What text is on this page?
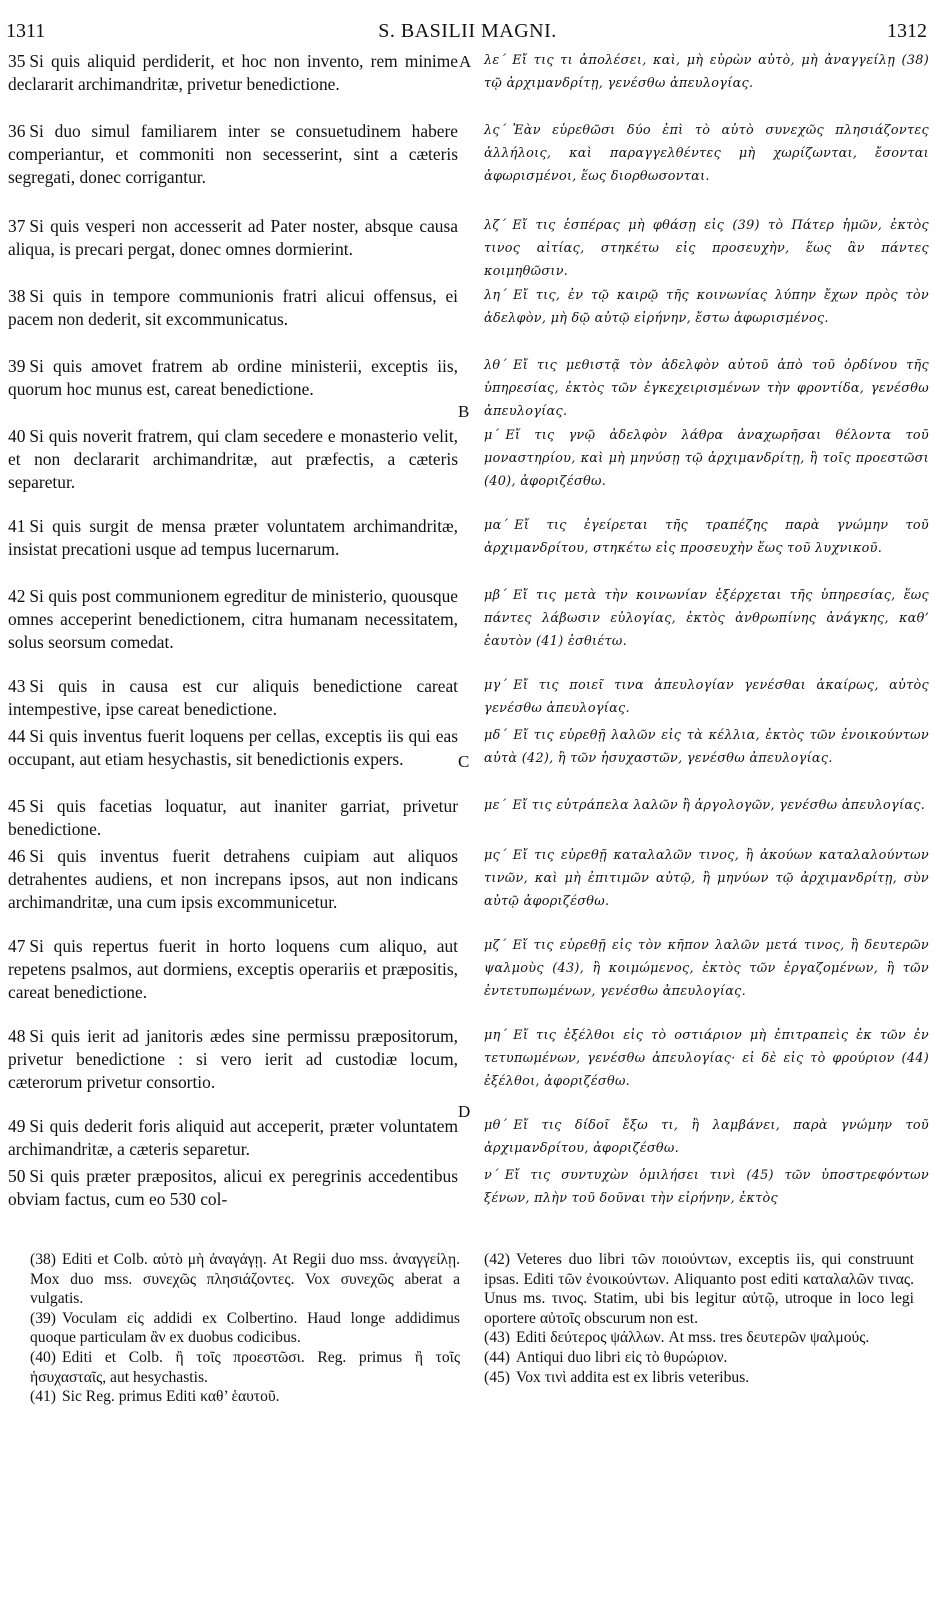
1311	S. BASILII MAGNI.	1312
A
B
C
D

35 Si quis aliquid perdiderit, et hoc non invento, rem minime declararit archimandritæ, privetur benedictione.

36 Si duo simul familiarem inter se consuetudinem habere comperiantur, et commoniti non secesserint, sint a cæteris segregati, donec corrigantur.

37 Si quis vesperi non accesserit ad Pater noster, absque causa aliqua, is precari pergat, donec omnes dormierint.

38 Si quis in tempore communionis fratri alicui offensus, ei pacem non dederit, sit excommunicatus.

39 Si quis amovet fratrem ab ordine ministerii, exceptis iis, quorum hoc munus est, careat benedictione.

40 Si quis noverit fratrem, qui clam secedere e monasterio velit, et non declararit archimandritæ, aut præfectis, a cæteris separetur.

41 Si quis surgit de mensa præter voluntatem archimandritæ, insistat precationi usque ad tempus lucernarum.

42 Si quis post communionem egreditur de ministerio, quousque omnes acceperint benedictionem, citra humanam necessitatem, solus seorsum comedat.

43 Si quis in causa est cur aliquis benedictione careat intempestive, ipse careat benedictione.

44 Si quis inventus fuerit loquens per cellas, exceptis iis qui eas occupant, aut etiam hesychastis, sit benedictionis expers.

45 Si quis facetias loquatur, aut inaniter garriat, privetur benedictione.

46 Si quis inventus fuerit detrahens cuipiam aut aliquos detrahentes audiens, et non increpans ipsos, aut non indicans archimandritæ, una cum ipsis excommunicetur.

47 Si quis repertus fuerit in horto loquens cum aliquo, aut repetens psalmos, aut dormiens, exceptis operariis et præpositis, careat benedictione.

48 Si quis ierit ad janitoris ædes sine permissu præpositorum, privetur benedictione : si vero ierit ad custodiæ locum, cæterorum privetur consortio.

49 Si quis dederit foris aliquid aut acceperit, præter voluntatem archimandritæ, a cæteris separetur.

50 Si quis præter præpositos, alicui ex peregrinis accedentibus obviam factus, cum eo 530 col-

λε΄ Εἴ τις τι ἀπολέσει, καὶ, μὴ εὑρὼν αὐτὸ, μὴ ἀναγγείλῃ (38) τῷ ἀρχιμανδρίτῃ, γενέσθω ἀπευλογίας.

λς΄ Ἐὰν εὑρεθῶσι δύο ἐπὶ τὸ αὐτὸ συνεχῶς πλησιάζοντες ἀλλήλοις, καὶ παραγγελθέντες μὴ χωρίζωνται, ἔσονται ἀφωρισμένοι, ἕως διορθωσονται.

λζ΄ Εἴ τις ἑσπέρας μὴ φθάσῃ εἰς (39) τὸ Πάτερ ἡμῶν, ἐκτὸς τινος αἰτίας, στηκέτω εἰς προσευχὴν, ἕως ἂν πάντες κοιμηθῶσιν.

λη΄ Εἴ τις, ἐν τῷ καιρῷ τῆς κοινωνίας λύπην ἔχων πρὸς τὸν ἀδελφὸν, μὴ δῷ αὐτῷ εἰρήνην, ἔστω ἀφωρισμένος.

λθ΄ Εἴ τις μεθιστᾷ τὸν ἀδελφὸν αὐτοῦ ἀπὸ τοῦ ὀρδίνου τῆς ὑπηρεσίας, ἐκτὸς τῶν ἐγκεχειρισμένων τὴν φροντίδα, γενέσθω ἀπευλογίας.

μ΄ Εἴ τις γνῷ ἀδελφὸν λάθρα ἀναχωρῆσαι θέλοντα τοῦ μοναστηρίου, καὶ μὴ μηνύσῃ τῷ ἀρχιμανδρίτῃ, ἢ τοῖς προεστῶσι (40), ἀφοριζέσθω.

μα΄ Εἴ τις ἐγείρεται τῆς τραπέζης παρὰ γνώμην τοῦ ἀρχιμανδρίτου, στηκέτω εἰς προσευχὴν ἕως τοῦ λυχνικοῦ.

μβ΄ Εἴ τις μετὰ τὴν κοινωνίαν ἐξέρχεται τῆς ὑπηρεσίας, ἕως πάντες λάβωσιν εὐλογίας, ἐκτὸς ἀνθρωπίνης ἀνάγκης, καθ’ ἑαυτὸν (41) ἐσθιέτω.

μγ΄ Εἴ τις ποιεῖ τινα ἀπευλογίαν γενέσθαι ἀκαίρως, αὐτὸς γενέσθω ἀπευλογίας.

μδ΄ Εἴ τις εὑρεθῇ λαλῶν εἰς τὰ κέλλια, ἐκτὸς τῶν ἐνοικούντων αὐτὰ (42), ἢ τῶν ἡσυχαστῶν, γενέσθω ἀπευλογίας.

με΄ Εἴ τις εὐτράπελα λαλῶν ἢ ἀργολογῶν, γενέσθω ἀπευλογίας.

μς΄ Εἴ τις εὑρεθῇ καταλαλῶν τινος, ἢ ἀκούων καταλαλούντων τινῶν, καὶ μὴ ἐπιτιμῶν αὐτῷ, ἢ μηνύων τῷ ἀρχιμανδρίτῃ, σὺν αὐτῷ ἀφοριζέσθω.

μζ΄ Εἴ τις εὑρεθῇ εἰς τὸν κῆπον λαλῶν μετά τινος, ἢ δευτερῶν ψαλμοὺς (43), ἢ κοιμώμενος, ἐκτὸς τῶν ἐργαζομένων, ἢ τῶν ἐντετυπωμένων, γενέσθω ἀπευλογίας.

μη΄ Εἴ τις ἐξέλθοι εἰς τὸ οστιάριον μὴ ἐπιτραπεὶς ἐκ τῶν ἐν τετυπωμένων, γενέσθω ἀπευλογίας· εἰ δὲ εἰς τὸ φρούριον (44) ἐξέλθοι, ἀφοριζέσθω.

μθ΄ Εἴ τις δίδοῖ ἔξω τι, ἢ λαμβάνει, παρὰ γνώμην τοῦ ἀρχιμανδρίτου, ἀφοριζέσθω.

ν΄ Εἴ τις συντυχὼν ὁμιλήσει τινὶ (45) τῶν ὑποστρεφόντων ξένων, πλὴν τοῦ δοῦναι τὴν εἰρήνην, ἐκτὸς

(38) Editi et Colb. αὐτὸ μὴ ἀναγάγῃ. At Regii duo mss. ἀναγγείλῃ. Mox duo mss. συνεχῶς πλησιάζοντες. Vox συνεχῶς aberat a vulgatis.

(39) Voculam εἰς addidi ex Colbertino. Haud longe addidimus quoque particulam ἂν ex duobus codicibus.

(40) Editi et Colb. ἢ τοῖς προεστῶσι. Reg. primus ἢ τοῖς ἡσυχασταῖς, aut hesychastis.

(41) Sic Reg. primus Editi καθ’ ἑαυτοῦ.

(42) Veteres duo libri τῶν ποιούντων, exceptis iis, qui construunt ipsas. Editi τῶν ἐνοικούντων. Aliquanto post editi καταλαλῶν τινας. Unus ms. τινος. Statim, ubi bis legitur αὐτῷ, utroque in loco legi oportere αὐτοῖς obscurum non est.

(43) Editi δεύτερος ψάλλων. At mss. tres δευτερῶν ψαλμούς.

(44) Antiqui duo libri εἰς τὸ θυρώριον.

(45) Vox τινὶ addita est ex libris veteribus.
